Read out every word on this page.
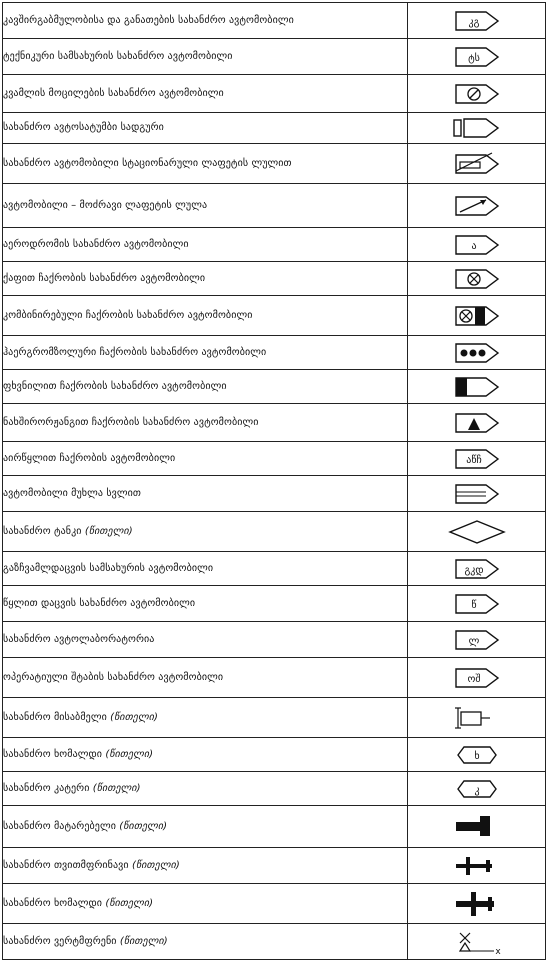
კავშირგაბმულობისა და განათების სახანძრო ავტომობილი	კგ

ტექნიკური სამსახურის სახანძრო ავტომობილი	ტს

კვამლის მოცილების სახანძრო ავტომობილი	

სახანძრო ავტოსატუმბი სადგური	

სახანძრო ავტომობილი სტაციონარული ლაფეტის ლულით	

ავტომობილი – მოძრავი ლაფეტის ლულა	

აეროდრომის სახანძრო ავტომობილი	ა

ქაფით ჩაქრობის სახანძრო ავტომობილი	

კომბინირებული ჩაქრობის სახანძრო ავტომობილი	

ჰაერგრომზოლური ჩაქრობის სახანძრო ავტომობილი	

ფხვნილით ჩაქრობის სახანძრო ავტომობილი	

ნახშირორჟანგით ჩაქრობის სახანძრო ავტომობილი	

აირწყლით ჩაქრობის ავტომობილი	აწჩ

ავტომობილი მუხლა სვლით	

სახანძრო ტანკი (წითელი)	

გაზჩვამლდაცვის სამსახურის ავტომობილი	გკდ

წყლით დაცვის სახანძრო ავტომობილი	წ

სახანძრო ავტოლაბორატორია	ლ

ოპერატიული შტაბის სახანძრო ავტომობილი	ოშ

სახანძრო მისაბმელი (წითელი)	

სახანძრო ხომალდი (წითელი)	ხ

სახანძრო კატერი (წითელი)	კ

სახანძრო მატარებელი (წითელი)	

სახანძრო თვითმფრინავი (წითელი)	

სახანძრო ხომალდი (წითელი)	

სახანძრო ვერტმფრენი (წითელი)	x
